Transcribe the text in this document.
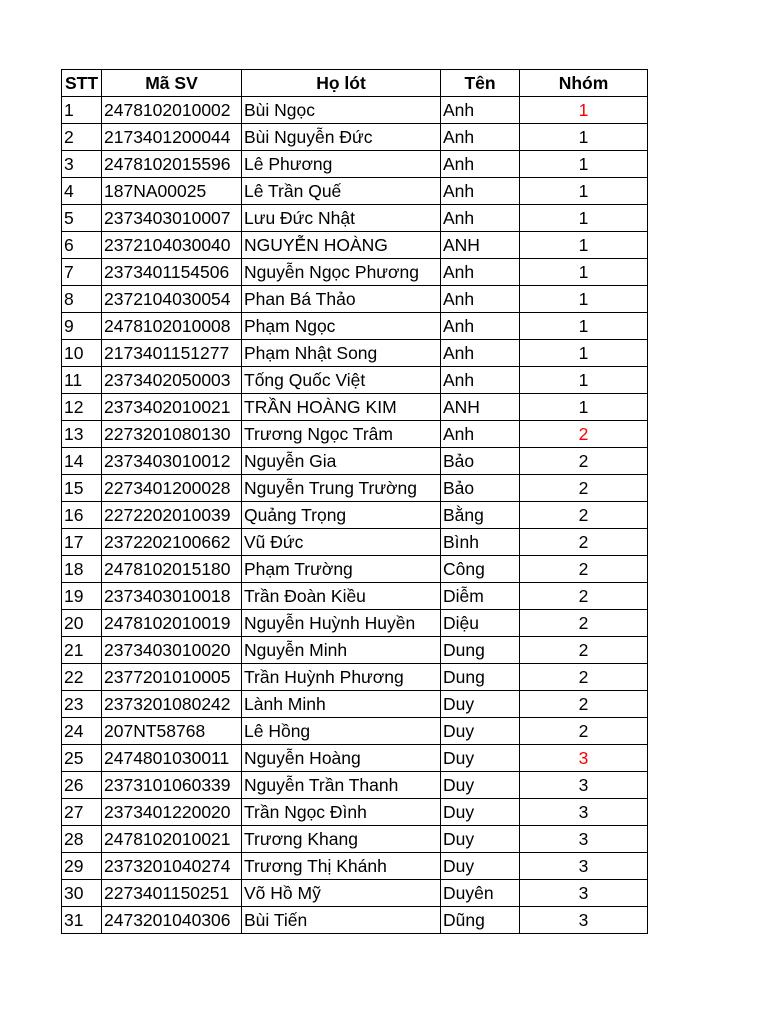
STT	Mã SV	Họ lót	Tên	Nhóm
1	2478102010002	Bùi Ngọc	Anh	1
2	2173401200044	Bùi Nguyễn Đức	Anh	1
3	2478102015596	Lê Phương	Anh	1
4	187NA00025	Lê Trần Quế	Anh	1
5	2373403010007	Lưu Đức Nhật	Anh	1
6	2372104030040	NGUYỄN HOÀNG	ANH	1
7	2373401154506	Nguyễn Ngọc Phương	Anh	1
8	2372104030054	Phan Bá Thảo	Anh	1
9	2478102010008	Phạm Ngọc	Anh	1
10	2173401151277	Phạm Nhật Song	Anh	1
11	2373402050003	Tống Quốc Việt	Anh	1
12	2373402010021	TRẦN HOÀNG KIM	ANH	1
13	2273201080130	Trương Ngọc Trâm	Anh	2
14	2373403010012	Nguyễn Gia	Bảo	2
15	2273401200028	Nguyễn Trung Trường	Bảo	2
16	2272202010039	Quảng Trọng	Bằng	2
17	2372202100662	Vũ Đức	Bình	2
18	2478102015180	Phạm Trường	Công	2
19	2373403010018	Trần Đoàn Kiều	Diễm	2
20	2478102010019	Nguyễn Huỳnh Huyền	Diệu	2
21	2373403010020	Nguyễn Minh	Dung	2
22	2377201010005	Trần Huỳnh Phương	Dung	2
23	2373201080242	Lành Minh	Duy	2
24	207NT58768	Lê Hồng	Duy	2
25	2474801030011	Nguyễn Hoàng	Duy	3
26	2373101060339	Nguyễn Trần Thanh	Duy	3
27	2373401220020	Trần Ngọc Đình	Duy	3
28	2478102010021	Trương Khang	Duy	3
29	2373201040274	Trương Thị Khánh	Duy	3
30	2273401150251	Võ Hồ Mỹ	Duyên	3
31	2473201040306	Bùi Tiến	Dũng	3
